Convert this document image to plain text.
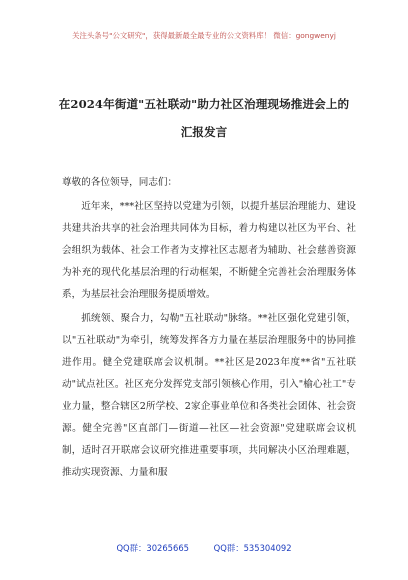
关注头条号"公文研究"，获得最新最全最专业的公文资料库！ 微信：gongwenyj
在2024年街道"五社联动"助力社区治理现场推进会上的
汇报发言

尊敬的各位领导，同志们：

近年来，***社区坚持以党建为引领，以提升基层治理能力、建设共建共治共享的社会治理共同体为目标，着力构建以社区为平台、社会组织为载体、社会工作者为支撑社区志愿者为辅助、社会慈善资源为补充的现代化基层治理的行动框架，不断健全完善社会治理服务体系，为基层社会治理服务提质增效。

抓统领、聚合力，勾勒"五社联动"脉络。**社区强化党建引领，以"五社联动"为牵引，统筹发挥各方力量在基层治理服务中的协同推进作用。健全党建联席会议机制。**社区是2023年度**省"五社联动"试点社区。社区充分发挥党支部引领核心作用，引入"榆心社工"专业力量，整合辖区2所学校、2家企事业单位和各类社会团体、社会资源。健全完善"区直部门—街道—社区—社会资源"党建联席会议机制，适时召开联席会议研究推进重要事项，共同解决小区治理难题，推动实现资源、力量和服

QQ群：30265665	QQ群：535304092
